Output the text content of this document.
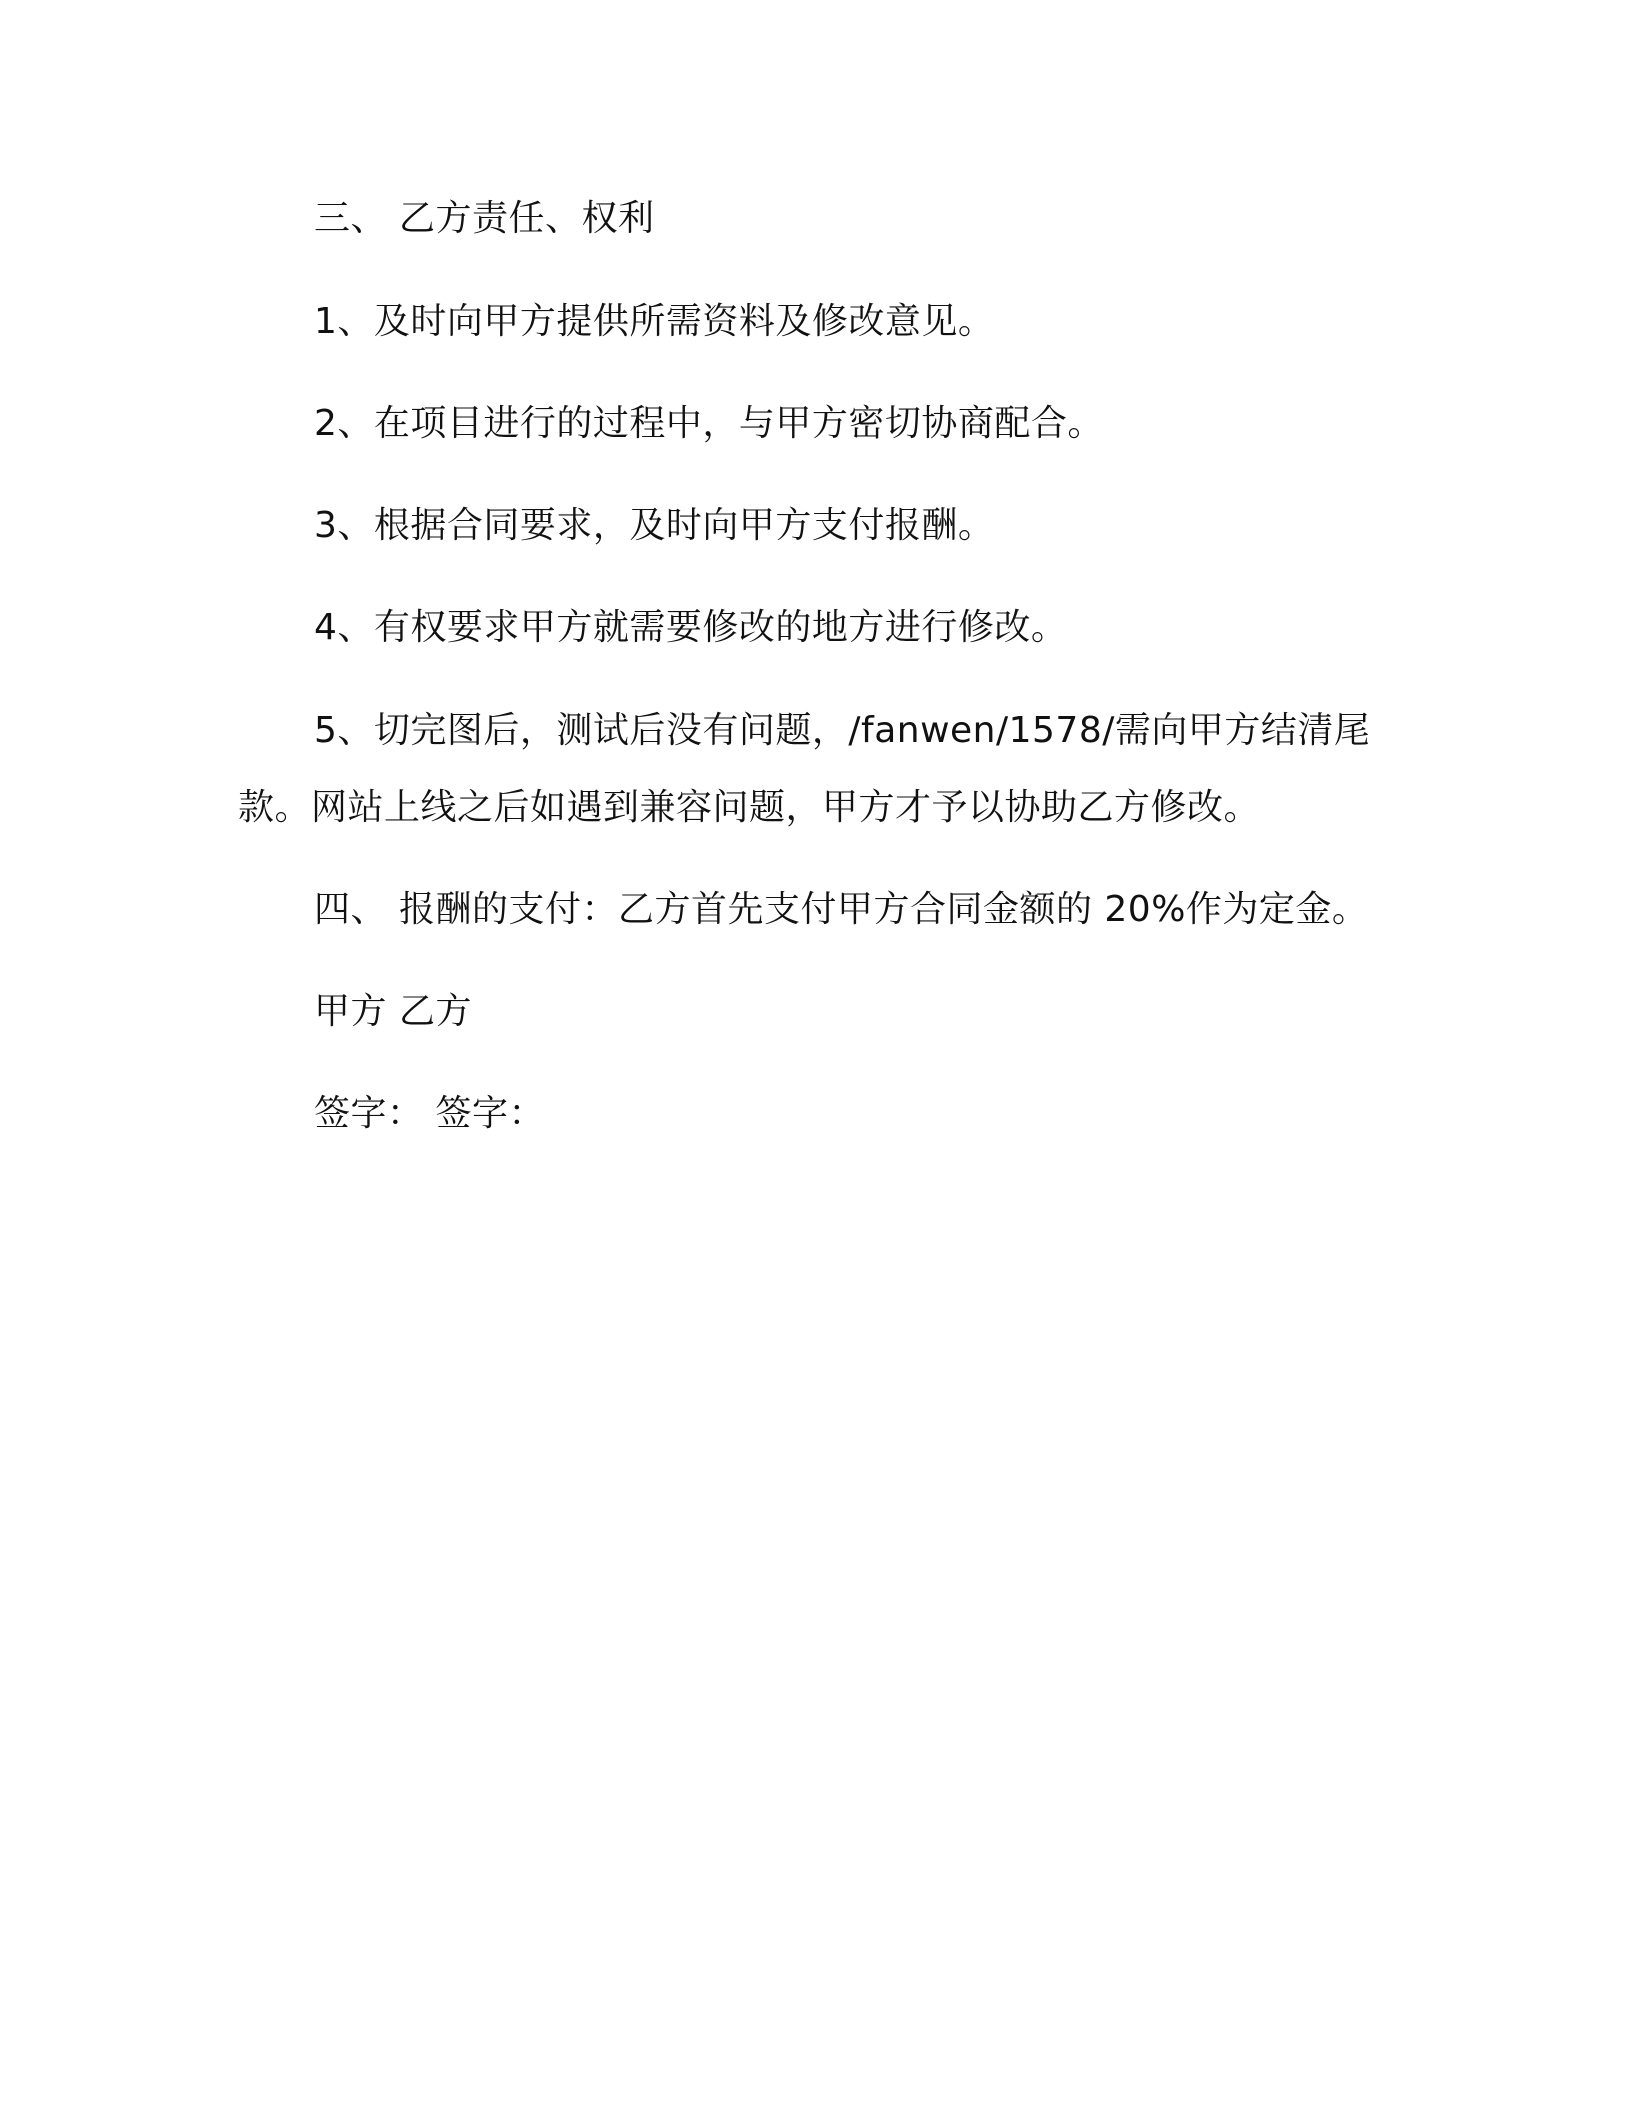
三、 乙方责任、权利
1、及时向甲方提供所需资料及修改意见。
2、在项目进行的过程中，与甲方密切协商配合。
3、根据合同要求，及时向甲方支付报酬。
4、有权要求甲方就需要修改的地方进行修改。
5、切完图后，测试后没有问题，/fanwen/1578/需向甲方结清尾
款。网站上线之后如遇到兼容问题，甲方才予以协助乙方修改。
四、 报酬的支付：乙方首先支付甲方合同金额的 20%作为定金。
甲方 乙方
签字： 签字：
